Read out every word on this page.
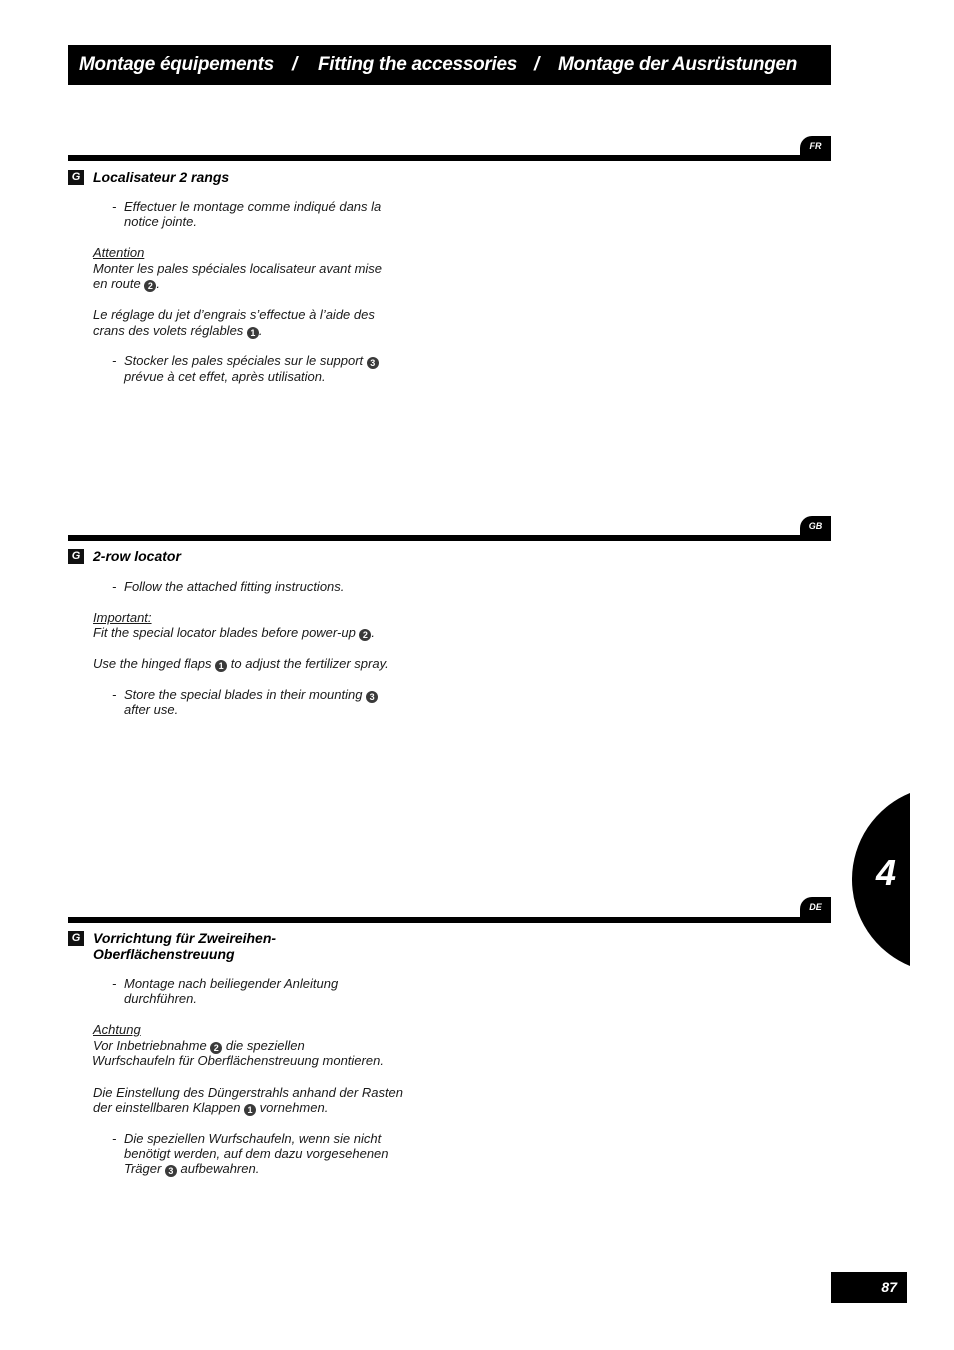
Montage équipements / Fitting the accessories / Montage der Ausrüstungen
FR
G Localisateur 2 rangs
- Effectuer le montage comme indiqué dans la
notice jointe.
Attention
Monter les pales spéciales localisateur avant mise
en route 2 .
Le réglage du jet d’engrais s’effectue à l’aide des
crans des volets réglables 1 .
- Stocker les pales spéciales sur le support 3
prévue à cet effet, après utilisation.
GB
G 2-row locator
- Follow the attached fitting instructions.
Important:
Fit the special locator blades before power-up 2 .
Use the hinged flaps 1 to adjust the fertilizer spray.
- Store the special blades in their mounting 3
after use.
4
DE
G Vorrichtung für Zweireihen-
Oberflächenstreuung
- Montage nach beiliegender Anleitung
durchführen.
Achtung
Vor Inbetriebnahme 2 die speziellen
Wurfschaufeln für Oberflächenstreuung montieren.
Die Einstellung des Düngerstrahls anhand der Rasten
der einstellbaren Klappen 1 vornehmen.
- Die speziellen Wurfschaufeln, wenn sie nicht
benötigt werden, auf dem dazu vorgesehenen
Träger 3 aufbewahren.
87
